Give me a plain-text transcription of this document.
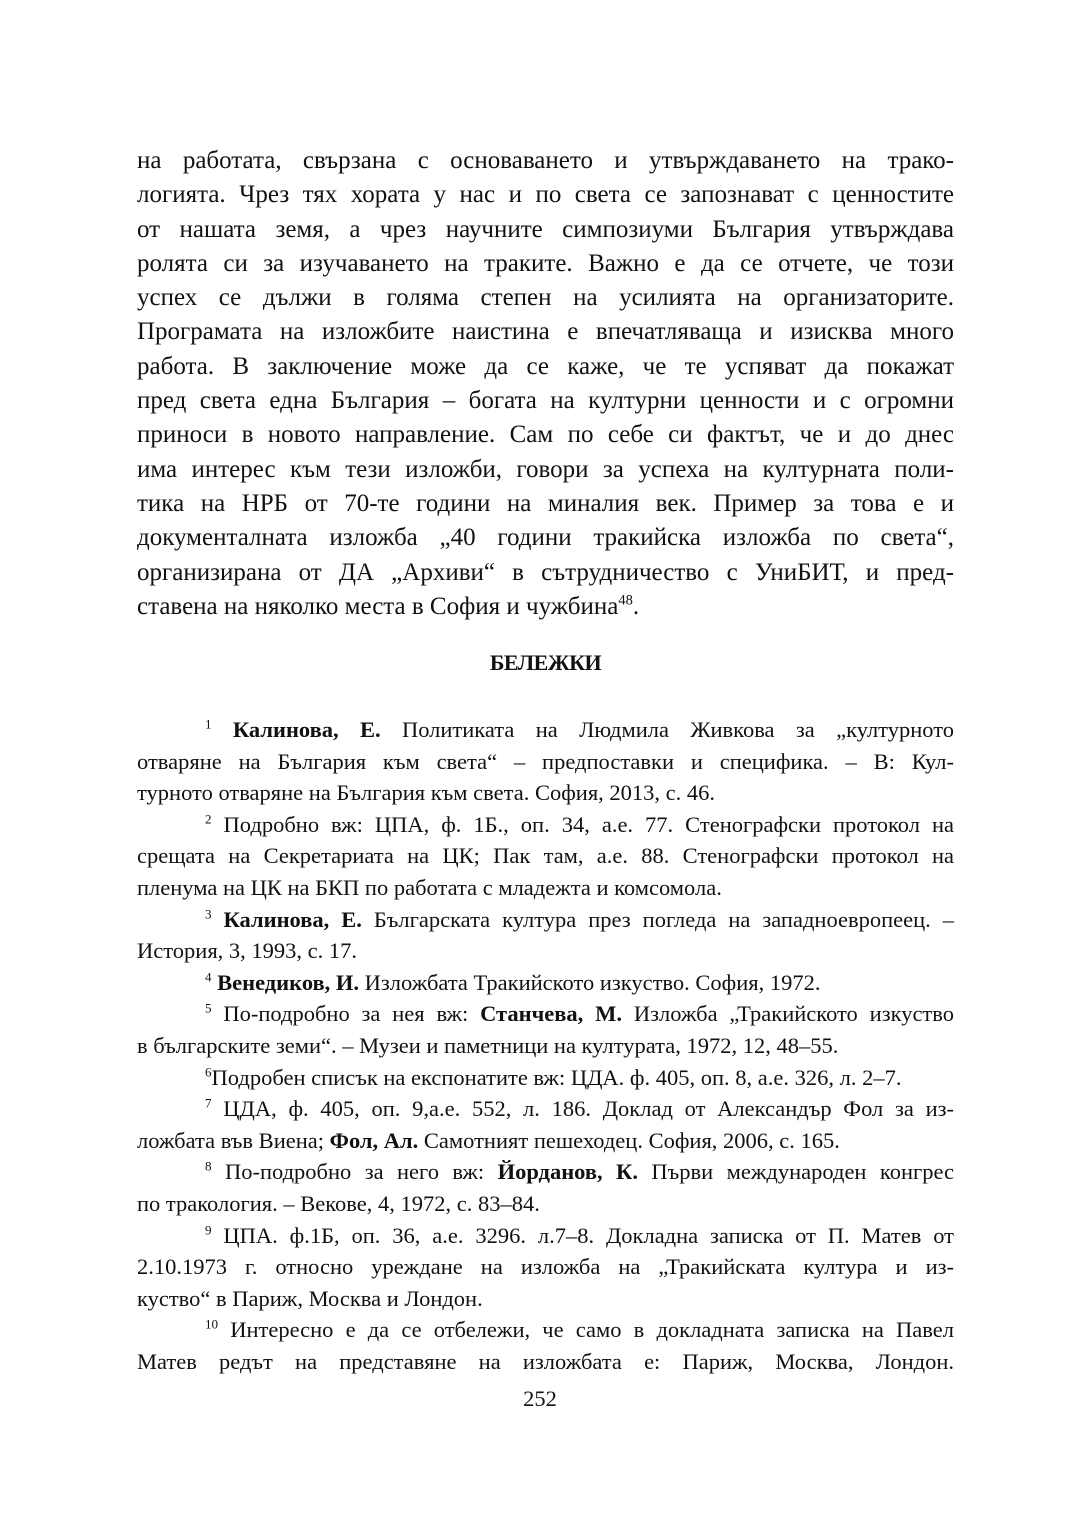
на работата, свързана с основаването и утвърждаването на трако-
логията. Чрез тях хората у нас и по света се запознават с ценностите
от нашата земя, а чрез научните симпозиуми България утвърждава
ролята си за изучаването на траките. Важно е да се отчете, че този
успех се дължи в голяма степен на усилията на организаторите.
Програмата на изложбите наистина е впечатляваща и изисква много
работа. В заключение може да се каже, че те успяват да покажат
пред света една България – богата на културни ценности и с огромни
приноси в новото направление. Сам по себе си фактът, че и до днес
има интерес към тези изложби, говори за успеха на културната поли-
тика на НРБ от 70-те години на миналия век. Пример за това е и
документалната изложба „40 години тракийска изложба по света“,
организирана от ДА „Архиви“ в сътрудничество с УниБИТ, и пред-
ставена на няколко места в София и чужбина$^{48}$.
БЕЛЕЖКИ
$^1$ Калинова, Е. Политиката на Людмила Живкова за „културното
отваряне на България към света“ – предпоставки и специфика. – В: Кул-
турното отваряне на България към света. София, 2013, с. 46.
$^2$ Подробно вж: ЦПА, ф. 1Б., оп. 34, а.е. 77. Стенографски протокол на
срещата на Секретариата на ЦК; Пак там, а.е. 88. Стенографски протокол на
пленума на ЦК на БКП по работата с младежта и комсомола.
$^3$ Калинова, Е. Българската култура през погледа на западноевропеец. –
История, 3, 1993, с. 17.
$^4$ Венедиков, И. Изложбата Тракийското изкуство. София, 1972.
$^5$ По-подробно за нея вж: Станчева, М. Изложба „Тракийското изкуство
в българските земи“. – Музеи и паметници на културата, 1972, 12, 48–55.
$^6$Подробен списък на експонатите вж: ЦДА. ф. 405, оп. 8, а.е. 326, л. 2–7.
$^7$ ЦДА, ф. 405, оп. 9,а.е. 552, л. 186. Доклад от Александър Фол за из-
ложбата във Виена; Фол, Ал. Самотният пешеходец. София, 2006, с. 165.
$^8$ По-подробно за него вж: Йорданов, К. Първи международен конгрес
по тракология. – Векове, 4, 1972, с. 83–84.
$^9$ ЦПА. ф.1Б, оп. 36, а.е. 3296. л.7–8. Докладна записка от П. Матев от
2.10.1973 г. относно уреждане на изложба на „Тракийската култура и из-
куство“ в Париж, Москва и Лондон.
$^{10}$ Интересно е да се отбележи, че само в докладната записка на Павел
Матев редът на представяне на изложбата е: Париж, Москва, Лондон.
252
